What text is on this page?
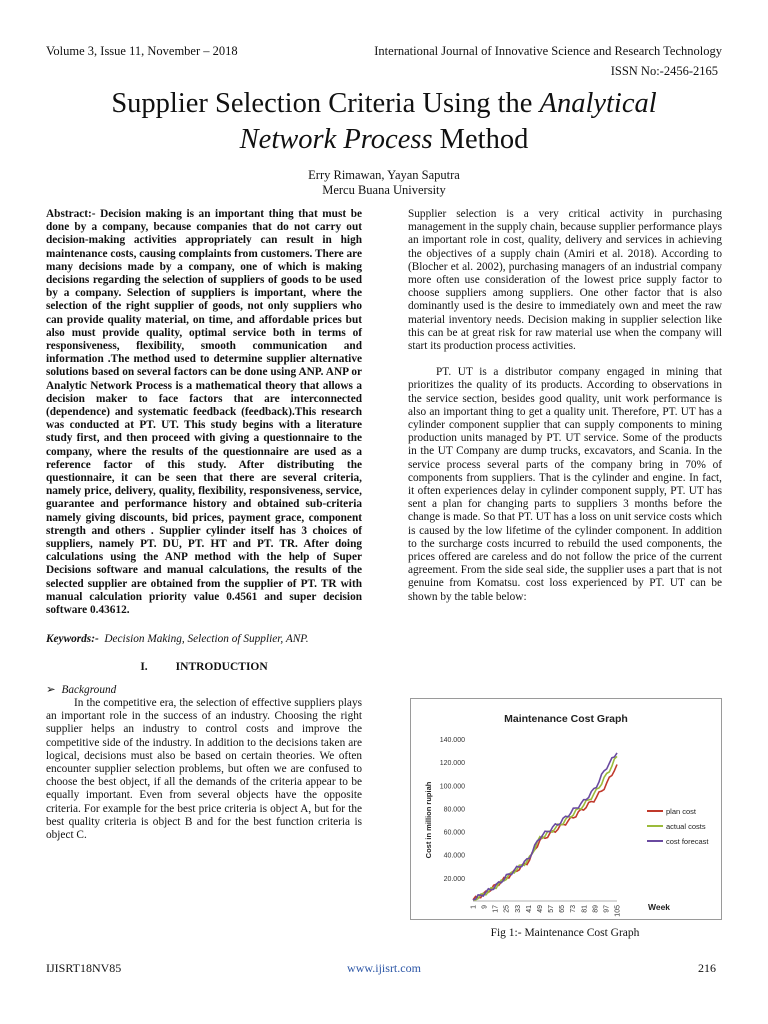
Volume 3, Issue 11, November – 2018	International Journal of Innovative Science and Research Technology
ISSN No:-2456-2165
Supplier Selection Criteria Using the Analytical
Network Process Method
Erry Rimawan, Yayan Saputra
Mercu Buana University

Abstract:- Decision making is an important thing that must be done by a company, because companies that do not carry out decision-making activities appropriately can result in high maintenance costs, causing complaints from customers. There are many decisions made by a company, one of which is making decisions regarding the selection of suppliers of goods to be used by a company. Selection of suppliers is important, where the selection of the right supplier of goods, not only suppliers who can provide quality material, on time, and affordable prices but also must provide quality, optimal service both in terms of responsiveness, flexibility, smooth communication and information .The method used to determine supplier alternative solutions based on several factors can be done using ANP. ANP or Analytic Network Process is a mathematical theory that allows a decision maker to face factors that are interconnected (dependence) and systematic feedback (feedback).This research was conducted at PT. UT. This study begins with a literature study first, and then proceed with giving a questionnaire to the company, where the results of the questionnaire are used as a reference factor of this study. After distributing the questionnaire, it can be seen that there are several criteria, namely price, delivery, quality, flexibility, responsiveness, service, guarantee and performance history and obtained sub-criteria namely giving discounts, bid prices, payment grace, component strength and others . Supplier cylinder itself has 3 choices of suppliers, namely PT. DU, PT. HT and PT. TR. After doing calculations using the ANP method with the help of Super Decisions software and manual calculations, the results of the selected supplier are obtained from the supplier of PT. TR with manual calculation priority value 0.4561 and super decision software 0.43612.

Keywords:- Decision Making, Selection of Supplier, ANP.

I. INTRODUCTION
➢ Background

In the competitive era, the selection of effective suppliers plays an important role in the success of an industry. Choosing the right supplier helps an industry to control costs and improve the competitive side of the industry. In addition to the decisions taken are logical, decisions must also be based on certain theories. We often encounter supplier selection problems, but often we are confused to choose the best object, if all the demands of the criteria appear to be equally important. Even from several objects have the opposite criteria. For example for the best price criteria is object A, but for the best quality criteria is object B and for the best function criteria is object C.

Supplier selection is a very critical activity in purchasing management in the supply chain, because supplier performance plays an important role in cost, quality, delivery and services in achieving the objectives of a supply chain (Amiri et al. 2018). According to (Blocher et al. 2002), purchasing managers of an industrial company more often use consideration of the lowest price supply factor to choose suppliers among suppliers. One other factor that is also dominantly used is the desire to immediately own and meet the raw material inventory needs. Decision making in supplier selection like this can be at great risk for raw material use when the company will start its production process activities.

PT. UT is a distributor company engaged in mining that prioritizes the quality of its products. According to observations in the service section, besides good quality, unit work performance is also an important thing to get a quality unit. Therefore, PT. UT has a cylinder component supplier that can supply components to mining production units managed by PT. UT service. Some of the products in the UT Company are dump trucks, excavators, and Scania. In the service process several parts of the company bring in 70% of components from suppliers. That is the cylinder and engine. In fact, it often experiences delay in cylinder component supply, PT. UT has sent a plan for changing parts to suppliers 3 months before the change is made. So that PT. UT has a loss on unit service costs which is caused by the low lifetime of the cylinder component. In addition to the surcharge costs incurred to rebuild the used components, the prices offered are careless and do not follow the price of the current agreement. From the side seal side, the supplier uses a part that is not genuine from Komatsu. cost loss experienced by PT. UT can be shown by the table below:

Maintenance Cost Graph
20.000
40.000
60.000
80.000
100.000
120.000
140.000
Cost in million rupiah
1 9 17 25 33 41 49 57 65 73 81 89 97 105	Week
plan cost
actual costs
cost forecast
Fig 1:- Maintenance Cost Graph
IJISRT18NV85	www.ijisrt.com	216
